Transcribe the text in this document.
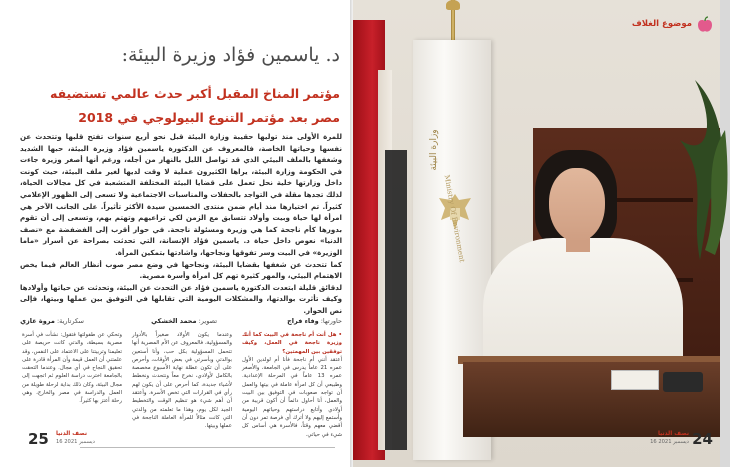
د. ياسمين فؤاد وزيرة البيئة:
مؤتمر المناخ المقبل أكبر حدث عالمي تستضيفه
مصر بعد مؤتمر التنوع البيولوجي في 2018

للمرة الأولى منذ توليها حقيبة وزارة البيئة قبل نحو أربع سنوات تفتح قلبها وتتحدث عن نفسها وحياتها الخاصة، فالمعروف عن الدكتورة ياسمين فؤاد وزيرة البيئة، حبها الشديد وشغفها بالملف البيئي الذي قد تواصل الليل بالنهار من أجله، ورغم أنها أصغر وزيرة جاءت في الحكومة وزارة البيئة، يراها الكثيرون عملية لا وقت لديها لغير ملف البيئة، حيث كونت داخل وزارتها خلية نحل تعمل على قضايا البيئة المختلفة المتشعبة في كل مجالات الحياة، لذلك تجدها مقلة في التواجد بالحفلات والمناسبات الاجتماعية ولا تسعى إلى الظهور الإعلامي كثيراً. تم اختيارها منذ أيام ضمن منتدى الخمسين سيدة الأكثر تأثيراً. على الجانب الآخر هي امرأة لها حياة وبيت وأولاد تتسابق مع الزمن لكي تراعيهم وتهتم بهم، وتسعى إلى أن تقوم بدورها كأم ناجحة كما هي وزيرة ومسئولة ناجحة. في حوار أقرب إلى الفضفضة مع «نصف الدنيا» نعوص داخل حياة د. ياسمين فؤاد الإنسانة، التي تحدثت بصراحة عن أسرار «ماما الوزيرة» في البيت وسر تفوقها ونجاحها، واشادتها بتمكين المرأة.

كما تتحدث عن شغفها بقضايا البيئة، ونجاحها في وضع مصر صوب أنظار العالم فيما يخص الاهتمام البيئي، والمهر كثيرة تهم كل امرأة وأسرة مصرية.

لدقائق قليلة ابتعدت الدكتورة ياسمين فؤاد عن التحدث عن البيئة، وتحدثت عن حياتها وأولادها وكيف تأثرت بوالدتها، والمشكلات اليومية التي تقابلها في التوفيق بين عملها وبيتها، فإلى نص الحوار.

حاورتها: وفاء فراج
تصوير: محمد الخشكي
سكرتارية: مروة غازي

• هل أنت أم ناجحة في البيت كما أنك وزيرة ناجحة في العمل، وكيف توفقين بين المهمتين؟

أعتقد أنني أم ناجحة فأنا أم لولدين الأول عمره 21 عاماً يدرس في الجامعة، والأصغر عمره 13 عاماً في المرحلة الإعدادية. وطبيعي أن كل امرأة عاملة في بيتها والعمل أن تواجه صعوبات في التوفيق بين البيت والعمل، أنا أحاول دائماً أن أكون قريبة من أولادي وأتابع دراستهم وحياتهم اليومية وأستمع إليهم ولا أترك أي فرصة تمر دون أن أقضي معهم وقتاً، فالأسرة هي أساس كل شيء في حياتي.

وعندما يكون الأولاد صغيراً بالأدوار والمسؤولية، فالمعروف عن الأم المصرية أنها تتحمل المسؤولية بكل حب، وأنا أستعين بوالدتي وبأسرتي في بعض الأوقات، وأحرص على أن تكون عطلة نهاية الأسبوع مخصصة بالكامل لأولادي، نخرج معاً ونتحدث ونخطط لأشياء جديدة، كما أحرص على أن يكون لهم رأي في القرارات التي تخص الأسرة. وأعتقد أن أهم شيء هو تنظيم الوقت والتخطيط الجيد لكل يوم، وهذا ما تعلمته من والدتي التي كانت مثالاً للمرأة العاملة الناجحة في عملها وبيتها.

وتحكي عن طفولتها فتقول: نشأت في أسرة مصرية بسيطة، والدتي كانت حريصة على تعليمنا وتربيتنا على الاعتماد على النفس، وقد علمتني أن العمل قيمة وأن المرأة قادرة على تحقيق النجاح في أي مجال. وعندما التحقت بالجامعة اخترت دراسة العلوم ثم اتجهت إلى مجال البيئة، وكان ذلك بداية لرحلة طويلة من العمل والدراسة في مصر والخارج، وهي رحلة أعتز بها كثيراً.

25 نصف الدنيا
16 ديسمبر 2021
وزارة البيئة
Ministry Of Environment
موضوع الغلاف
24
نصف الدنيا
16 ديسمبر 2021
